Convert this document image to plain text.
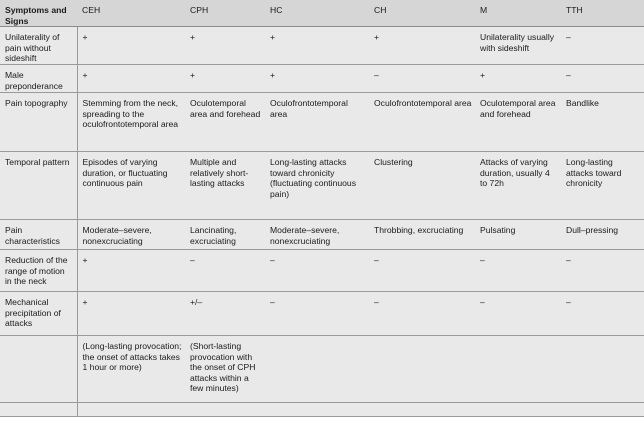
Symptoms and Signs	CEH	CPH	HC	CH	M	TTH
Unilaterality of pain without sideshift	+	+	+	+	Unilaterality usually with sideshift	–
Male preponderance	+	+	+	–	+	–
Pain topography	Stemming from the neck, spreading to the oculofrontotemporal area	Oculotemporal area and forehead	Oculofrontotemporal area	Oculofrontotemporal area	Oculotemporal area and forehead	Bandlike
Temporal pattern	Episodes of varying duration, or fluctuating continuous pain	Multiple and relatively short-lasting attacks	Long-lasting attacks toward chronicity (fluctuating continuous pain)	Clustering	Attacks of varying duration, usually 4 to 72h	Long-lasting attacks toward chronicity
Pain characteristics	Moderate–severe, nonexcruciating	Lancinating, excruciating	Moderate–severe, nonexcruciating	Throbbing, excruciating	Pulsating	Dull–pressing
Reduction of the range of motion in the neck	+	–	–	–	–	–
Mechanical precipitation of attacks	+	+/–	–	–	–	–
	(Long-lasting provocation; the onset of attacks takes 1 hour or more)	(Short-lasting provocation with the onset of CPH attacks within a few minutes)				
